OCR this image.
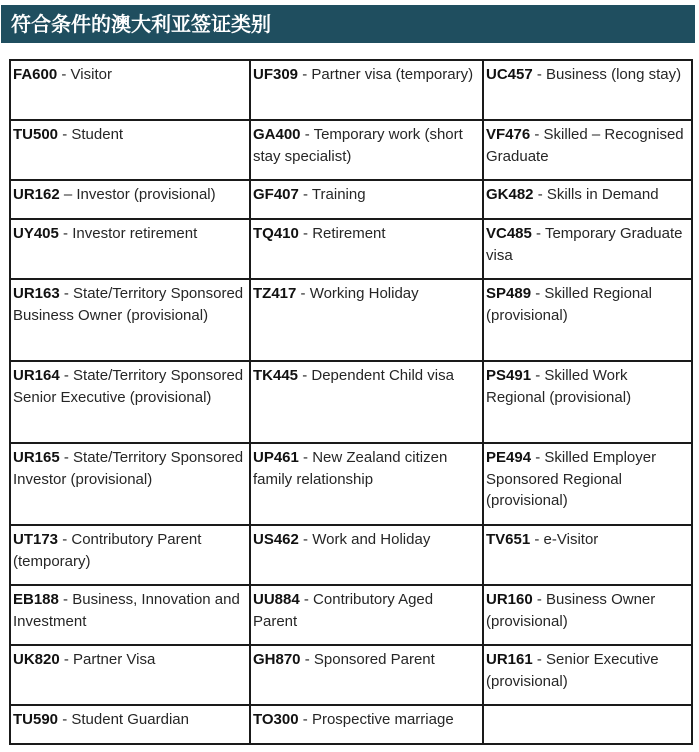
符合条件的澳大利亚签证类别
FA600 - Visitor	UF309 - Partner visa (temporary)	UC457 - Business (long stay)
TU500 - Student	GA400 - Temporary work (short stay specialist)	VF476 - Skilled – Recognised Graduate
UR162 – Investor (provisional)	GF407 - Training	GK482 - Skills in Demand
UY405 - Investor retirement	TQ410 - Retirement	VC485 - Temporary Graduate visa
UR163 - State/Territory Sponsored Business Owner (provisional)	TZ417 - Working Holiday	SP489 - Skilled Regional (provisional)
UR164 - State/Territory Sponsored Senior Executive (provisional)	TK445 - Dependent Child visa	PS491 - Skilled Work Regional (provisional)
UR165 - State/Territory Sponsored Investor (provisional)	UP461 - New Zealand citizen family relationship	PE494 - Skilled Employer Sponsored Regional (provisional)
UT173 - Contributory Parent (temporary)	US462 - Work and Holiday	TV651 - e-Visitor
EB188 - Business, Innovation and Investment	UU884 - Contributory Aged Parent	UR160 - Business Owner (provisional)
UK820 - Partner Visa	GH870 - Sponsored Parent	UR161 - Senior Executive (provisional)
TU590 - Student Guardian	TO300 - Prospective marriage	
